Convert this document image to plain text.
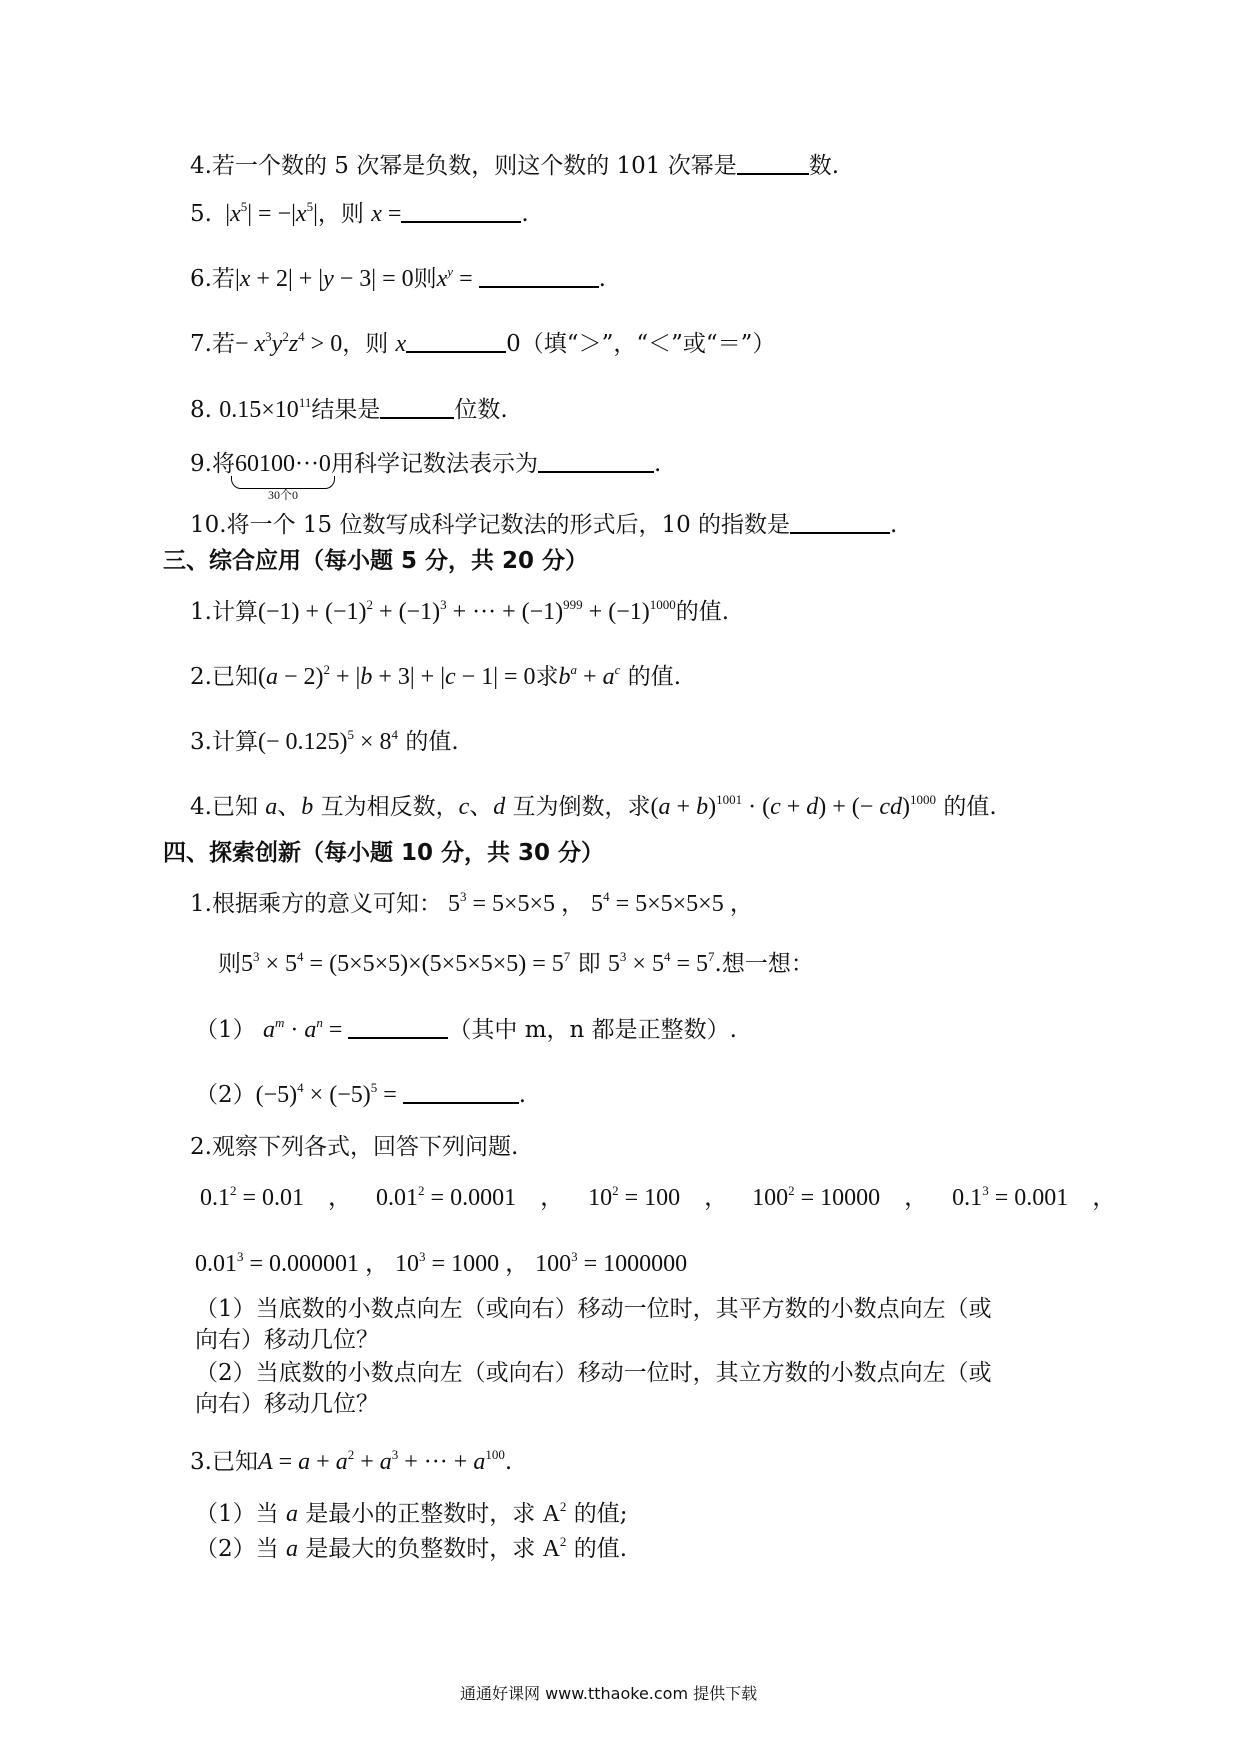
4.若一个数的 5 次幂是负数，则这个数的 101 次幂是	数.
5.  $|x^5| = -|x^5|$，则 x =	.
6.若|x + 2| + |y − 3| = 0则$x^y$ =	.
7.若− $x^3y^2z^4 > 0$，则 x	0（填“＞”，“＜”或“＝”）
8. $0.15\times 10^{11}$结果是	位数.
9.将60100···0
30个0
用科学记数法表示为	.
10.将一个 15 位数写成科学记数法的形式后，10 的指数是	.
三、综合应用（每小题 5 分，共 20 分）
1.计算$(-1) + (-1)^2 + (-1)^3$ + ··· + $(-1)^{999} + (-1)^{1000}$的值.
2.已知$(a - 2)^2 + |b + 3| + |c - 1| = 0$求$b^a + a^c$ 的值.
3.计算(− $0.125)^5 \times 8^4$ 的值.
4.已知 a、b 互为相反数，c、d 互为倒数，求$(a + b)^{1001} \cdot (c + d)$ + (− cd)$^{1000}$ 的值.
四、探索创新（每小题 10 分，共 30 分）
1.根据乘方的意义可知： $5^3 = 5\times 5\times 5$ ， $5^4 = 5\times 5\times 5\times 5$ ，
则$5^3 \times 5^4 = (5\times 5\times 5)\times(5\times 5\times 5\times 5) = 5^7$ 即 $5^3 \times 5^4 = 5^7$.想一想：
（1） $a^m \cdot a^n$ =	（其中 m，n 都是正整数）.
$(2)(-5)^4 \times (-5)^5$ =	.
2.观察下列各式，回答下列问题.
$0.1^2 = 0.01$    ，    $0.01^2 = 0.0001$    ，    $10^2 = 100$    ，    $100^2 = 10000$    ，    $0.1^3 = 0.001$    ，
$0.01^3 = 0.000001$ ， $10^3 = 1000$ ， $100^3 = 1000000$
（1）当底数的小数点向左（或向右）移动一位时，其平方数的小数点向左（或
向右）移动几位？
（2）当底数的小数点向左（或向右）移动一位时，其立方数的小数点向左（或
向右）移动几位？
3.已知$A = a + a^2 + a^3$ + ··· + $a^{100}$.
（1）当 a 是最小的正整数时，求 $A^2$ 的值;
（2）当 a 是最大的负整数时，求 $A^2$ 的值.
通通好课网 www.tthaoke.com 提供下载
